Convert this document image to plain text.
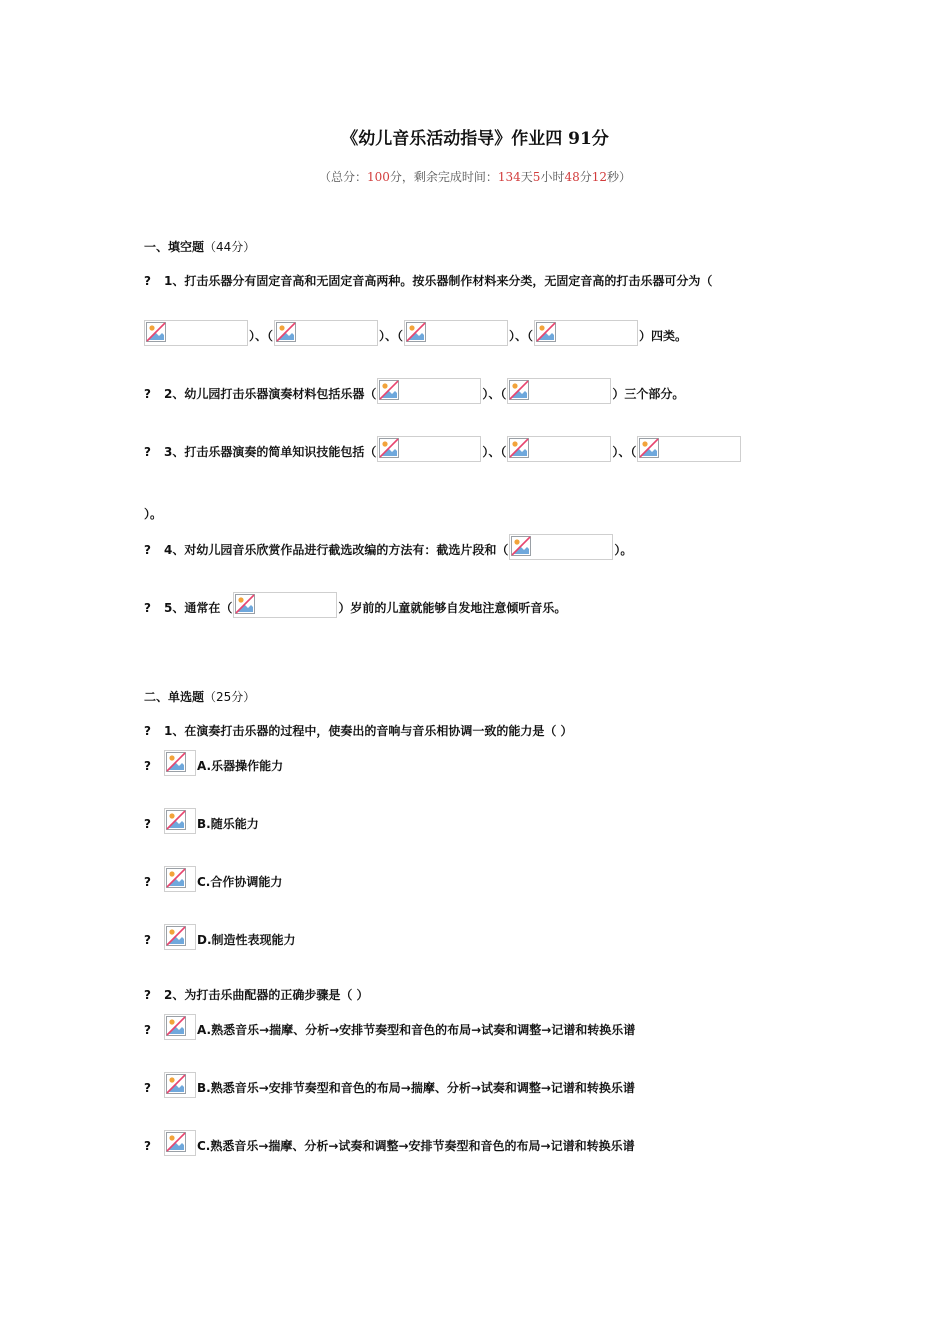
《幼儿音乐活动指导》作业四 91分
（总分：100分，剩余完成时间：134天5小时48分12秒）
一、填空题（44分）
? 1、打击乐器分有固定音高和无固定音高两种。按乐器制作材料来分类，无固定音高的打击乐器可分为（
）、（	）、（	）、（	）四类。
? 2、幼儿园打击乐器演奏材料包括乐器（	）、（	）三个部分。
? 3、打击乐器演奏的简单知识技能包括（	）、（	）、（
）。
? 4、对幼儿园音乐欣赏作品进行截选改编的方法有：截选片段和（	）。
? 5、通常在（	）岁前的儿童就能够自发地注意倾听音乐。
二、单选题（25分）
? 1、在演奏打击乐器的过程中，使奏出的音响与音乐相协调一致的能力是（ ）
?	A.乐器操作能力
?	B.随乐能力
?	C.合作协调能力
?	D.制造性表现能力
? 2、为打击乐曲配器的正确步骤是（ ）
?	A.熟悉音乐→揣摩、分析→安排节奏型和音色的布局→试奏和调整→记谱和转换乐谱
?	B.熟悉音乐→安排节奏型和音色的布局→揣摩、分析→试奏和调整→记谱和转换乐谱
?	C.熟悉音乐→揣摩、分析→试奏和调整→安排节奏型和音色的布局→记谱和转换乐谱
